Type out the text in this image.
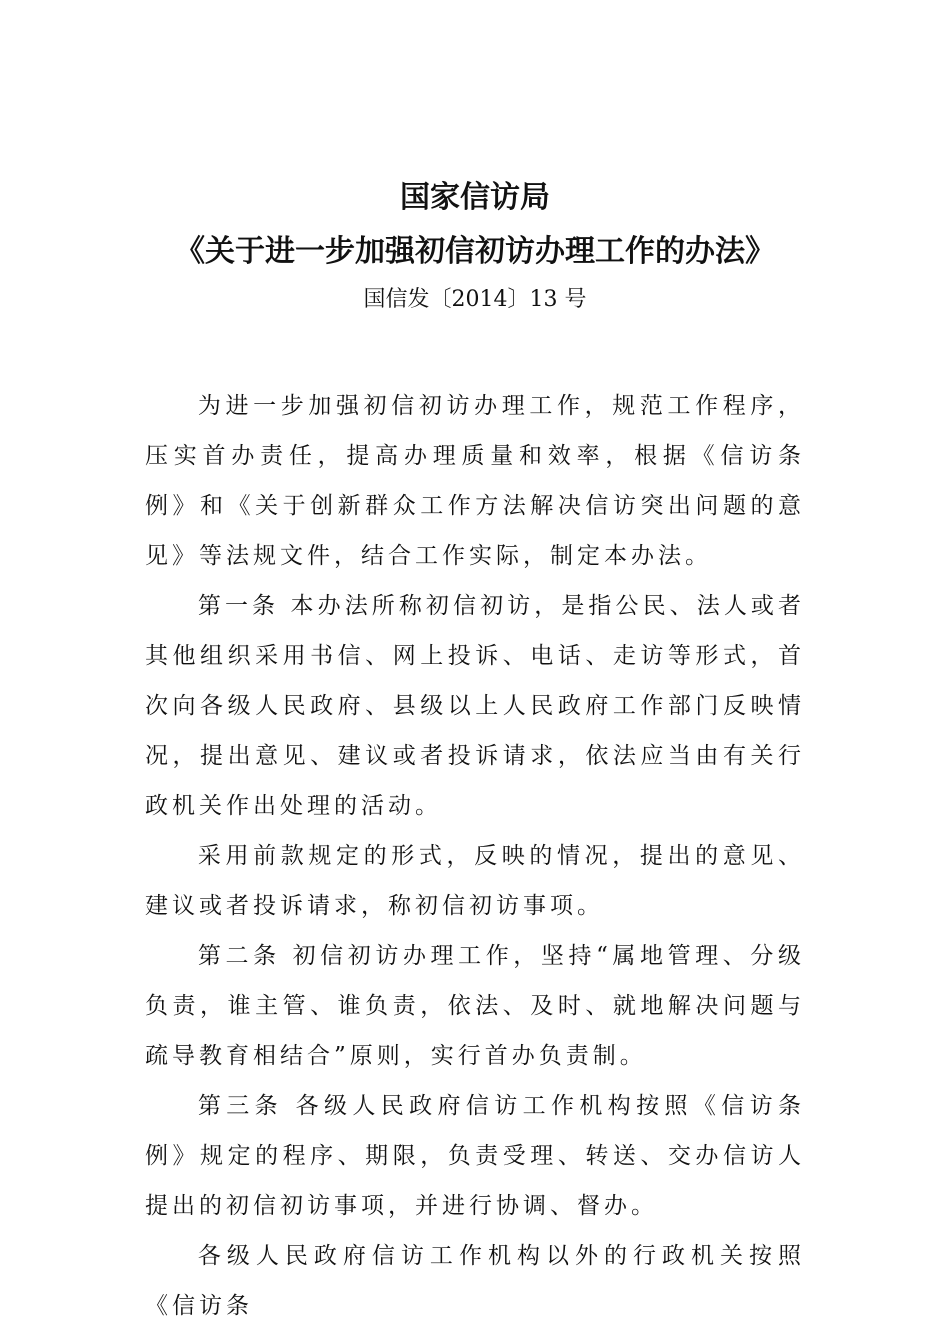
国家信访局
《关于进一步加强初信初访办理工作的办法》
国信发〔2014〕13 号

为进一步加强初信初访办理工作，规范工作程序，压实首办责任，提高办理质量和效率，根据《信访条例》和《关于创新群众工作方法解决信访突出问题的意见》等法规文件，结合工作实际，制定本办法。

第一条 本办法所称初信初访，是指公民、法人或者其他组织采用书信、网上投诉、电话、走访等形式，首次向各级人民政府、县级以上人民政府工作部门反映情况，提出意见、建议或者投诉请求，依法应当由有关行政机关作出处理的活动。

采用前款规定的形式，反映的情况，提出的意见、建议或者投诉请求，称初信初访事项。

第二条 初信初访办理工作，坚持“属地管理、分级负责，谁主管、谁负责，依法、及时、就地解决问题与疏导教育相结合”原则，实行首办负责制。

第三条 各级人民政府信访工作机构按照《信访条例》规定的程序、期限，负责受理、转送、交办信访人提出的初信初访事项，并进行协调、督办。

各级人民政府信访工作机构以外的行政机关按照《信访条
